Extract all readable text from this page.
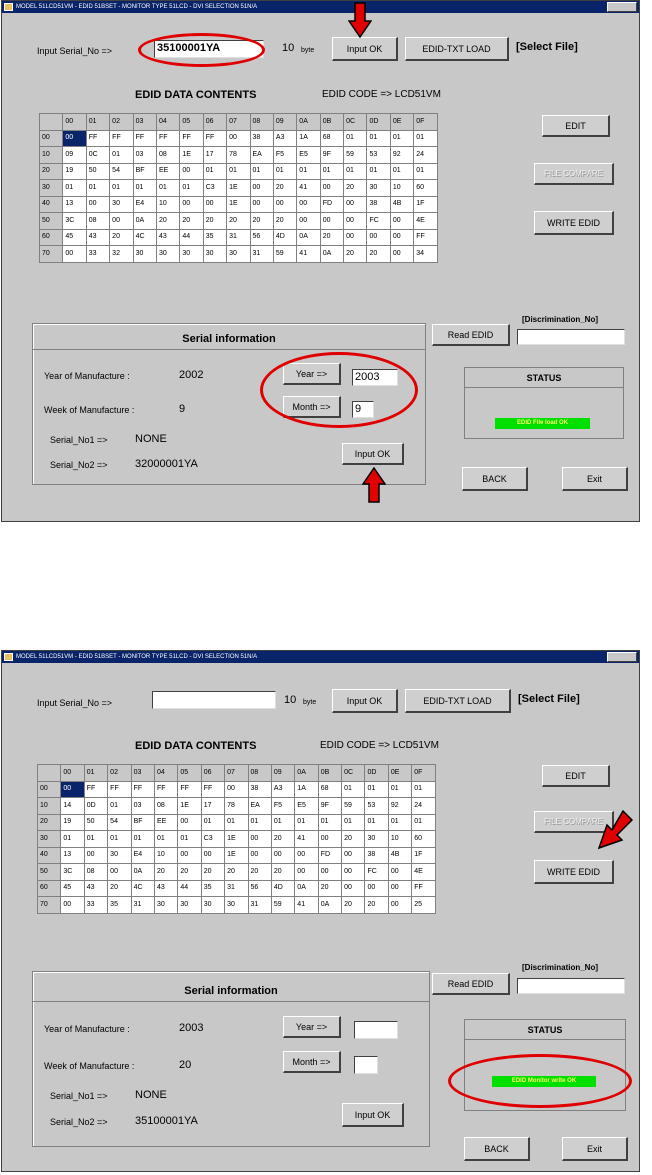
MODEL 51LCD51VM - EDID 51BSET - MONITOR TYPE 51LCD - DVI SELECTION 51N/A
Input Serial_No =>	35100001YA	10 byte	Input OK	EDID-TXT LOAD	[Select File]
EDID DATA CONTENTS	EDID CODE => LCD51VM
	00	01	02	03	04	05	06	07	08	09	0A	0B	0C	0D	0E	0F
00	00	FF	FF	FF	FF	FF	FF	00	38	A3	1A	68	01	01	01	01
10	09	0C	01	03	08	1E	17	78	EA	F5	E5	9F	59	53	92	24
20	19	50	54	BF	EE	00	01	01	01	01	01	01	01	01	01	01
30	01	01	01	01	01	01	C3	1E	00	20	41	00	20	30	10	60
40	13	00	30	E4	10	00	00	1E	00	00	00	FD	00	38	4B	1F
50	3C	08	00	0A	20	20	20	20	20	20	00	00	00	FC	00	4E
60	45	43	20	4C	43	44	35	31	56	4D	0A	20	00	00	00	FF
70	00	33	32	30	30	30	30	30	31	59	41	0A	20	20	00	34
EDIT
FILE COMPARE
WRITE EDID
Serial information
Year of Manufacture :	2002
Week of Manufacture :	9
Serial_No1 => NONE
Serial_No2 => 32000001YA
Year =>	2003
Month =>	9
Input OK
Read EDID
[Discrimination_No]
STATUS
EDID File load OK
BACK	Exit
MODEL 51LCD51VM - EDID 51BSET - MONITOR TYPE 51LCD - DVI SELECTION 51N/A
Input Serial_No =>	10 byte	Input OK	EDID-TXT LOAD	[Select File]
EDID DATA CONTENTS	EDID CODE => LCD51VM
	00	01	02	03	04	05	06	07	08	09	0A	0B	0C	0D	0E	0F
00	00	FF	FF	FF	FF	FF	FF	00	38	A3	1A	68	01	01	01	01
10	14	0D	01	03	08	1E	17	78	EA	F5	E5	9F	59	53	92	24
20	19	50	54	BF	EE	00	01	01	01	01	01	01	01	01	01	01
30	01	01	01	01	01	01	C3	1E	00	20	41	00	20	30	10	60
40	13	00	30	E4	10	00	00	1E	00	00	00	FD	00	38	4B	1F
50	3C	08	00	0A	20	20	20	20	20	20	00	00	00	FC	00	4E
60	45	43	20	4C	43	44	35	31	56	4D	0A	20	00	00	00	FF
70	00	33	35	31	30	30	30	30	31	59	41	0A	20	20	00	25
EDIT
FILE COMPARE
WRITE EDID
Serial information
Year of Manufacture :	2003
Week of Manufacture :	20
Serial_No1 => NONE
Serial_No2 => 35100001YA
Year =>
Month =>
Input OK
Read EDID
[Discrimination_No]
STATUS
EDID Monitor write OK
BACK	Exit
